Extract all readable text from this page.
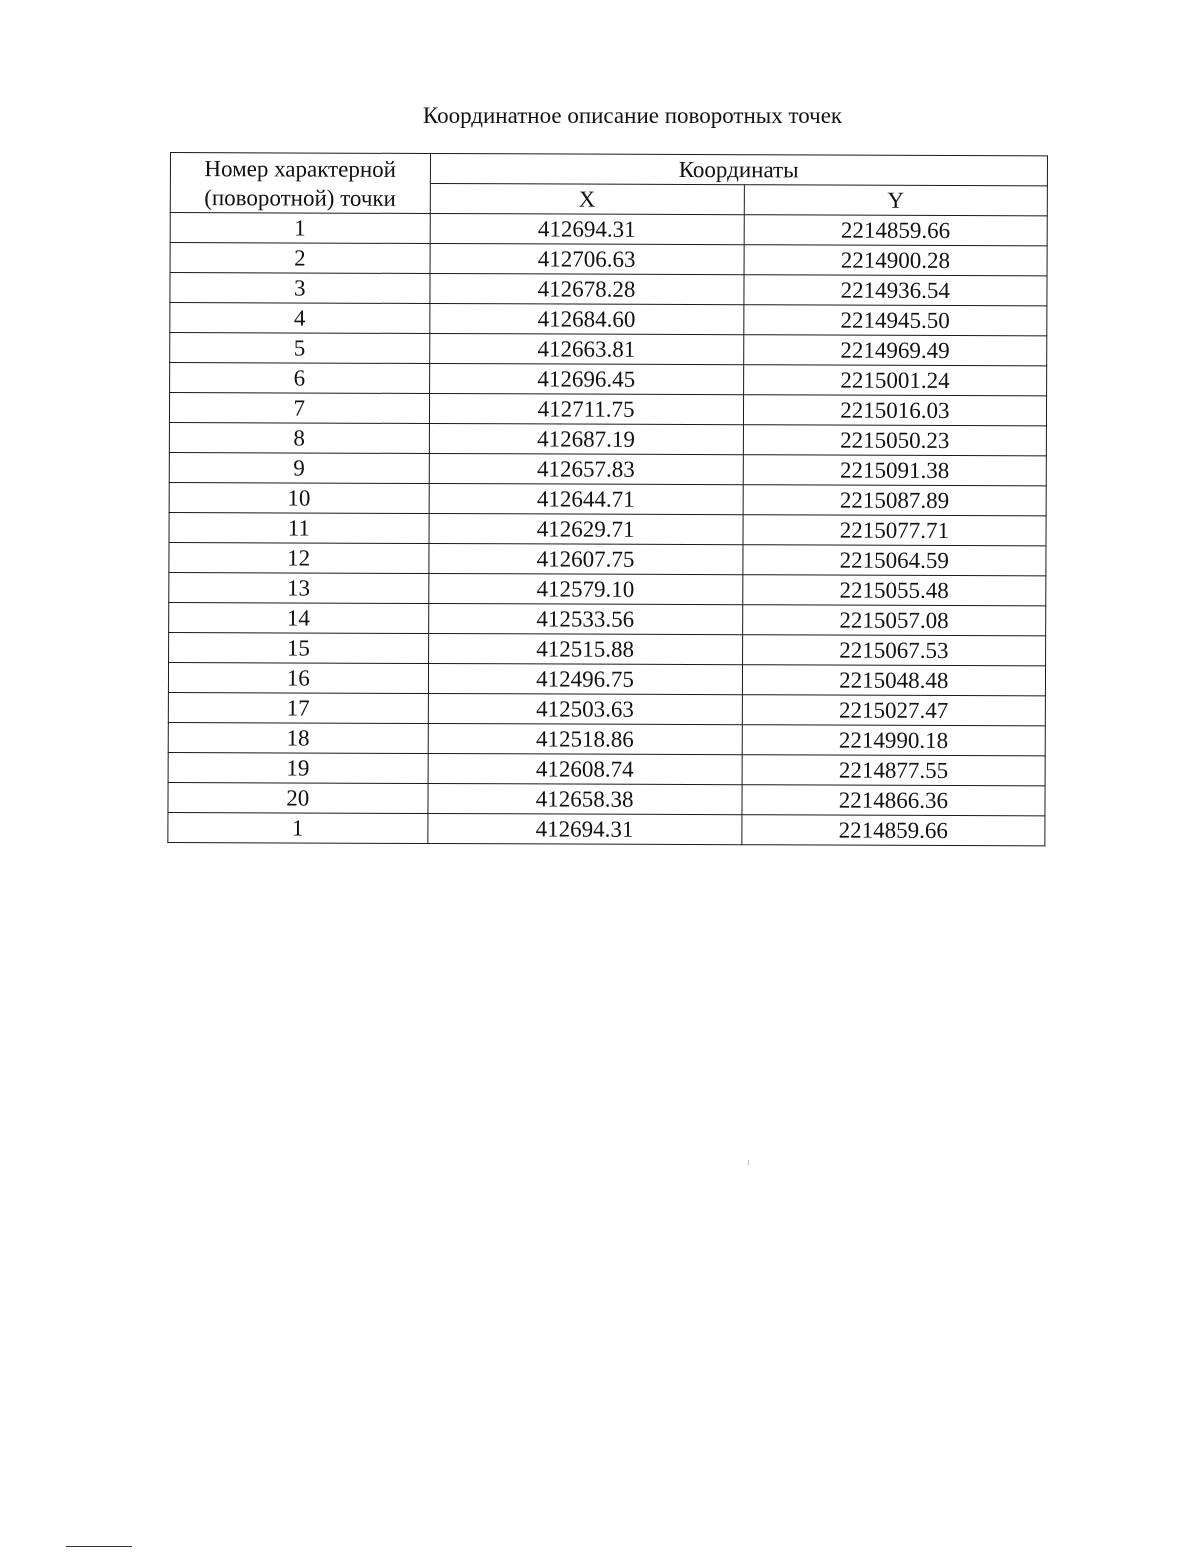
Координатное описание поворотных точек
Номер характерной
(поворотной) точки	Координаты	
	X	Y
1	412694.31	2214859.66
2	412706.63	2214900.28
3	412678.28	2214936.54
4	412684.60	2214945.50
5	412663.81	2214969.49
6	412696.45	2215001.24
7	412711.75	2215016.03
8	412687.19	2215050.23
9	412657.83	2215091.38
10	412644.71	2215087.89
11	412629.71	2215077.71
12	412607.75	2215064.59
13	412579.10	2215055.48
14	412533.56	2215057.08
15	412515.88	2215067.53
16	412496.75	2215048.48
17	412503.63	2215027.47
18	412518.86	2214990.18
19	412608.74	2214877.55
20	412658.38	2214866.36
1	412694.31	2214859.66
